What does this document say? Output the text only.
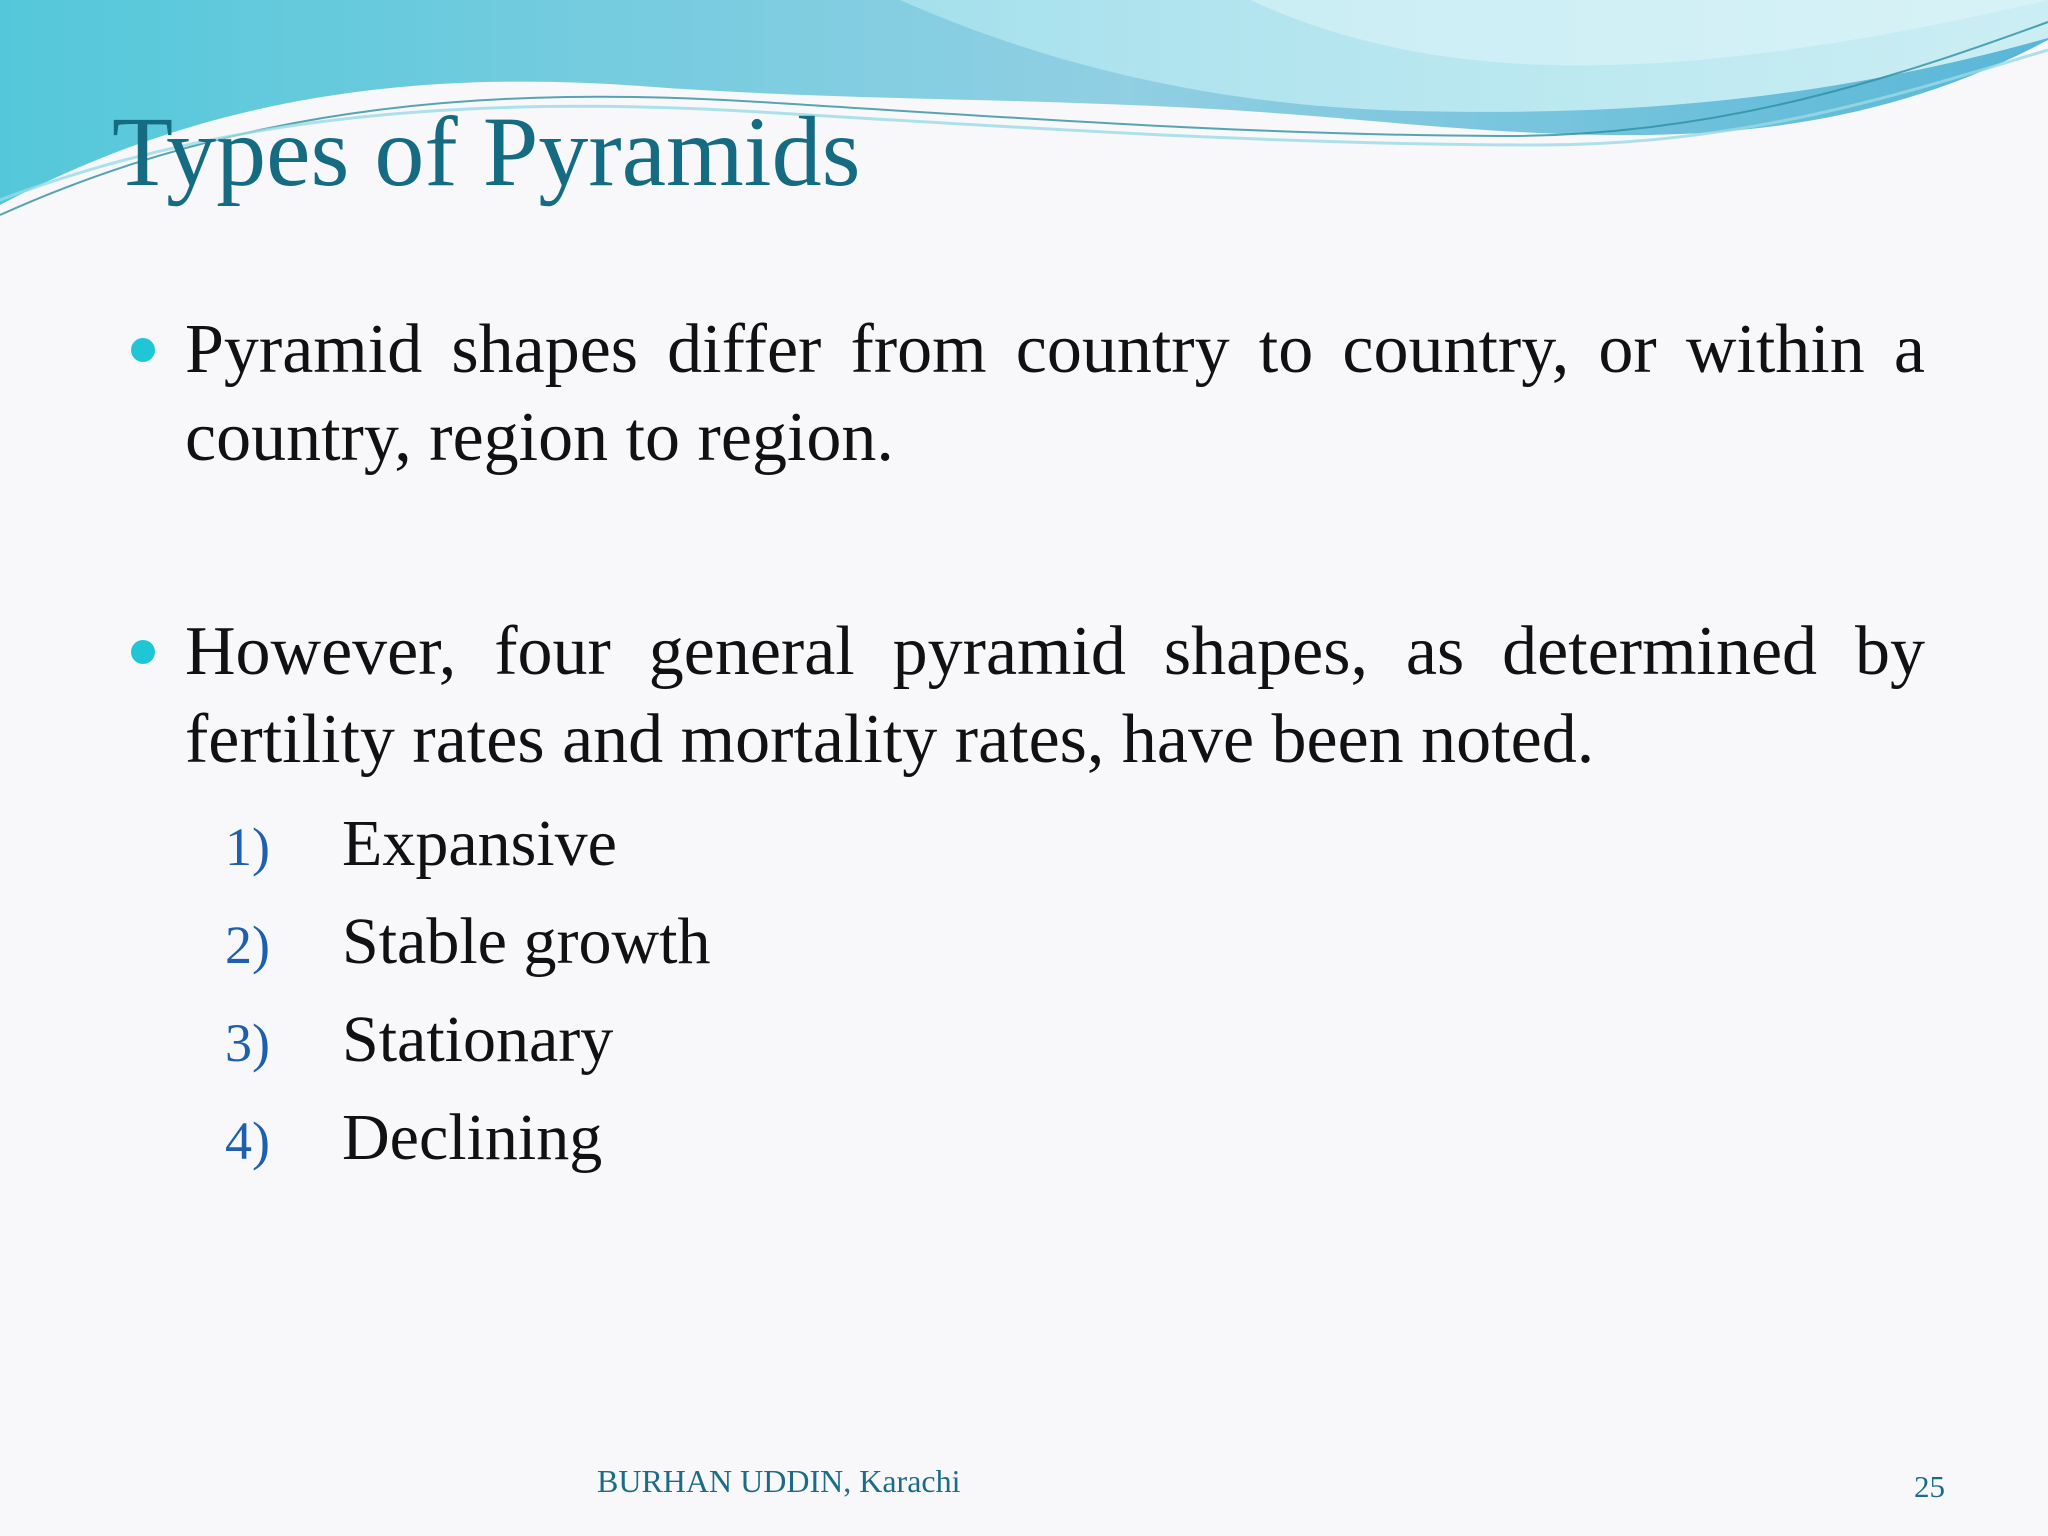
Types of Pyramids
Pyramid shapes differ from country to country, or within a country, region to region.
However, four general pyramid shapes, as determined by fertility rates and mortality rates, have been noted.
1) Expansive
2) Stable growth
3) Stationary
4) Declining
BURHAN UDDIN, Karachi	25
